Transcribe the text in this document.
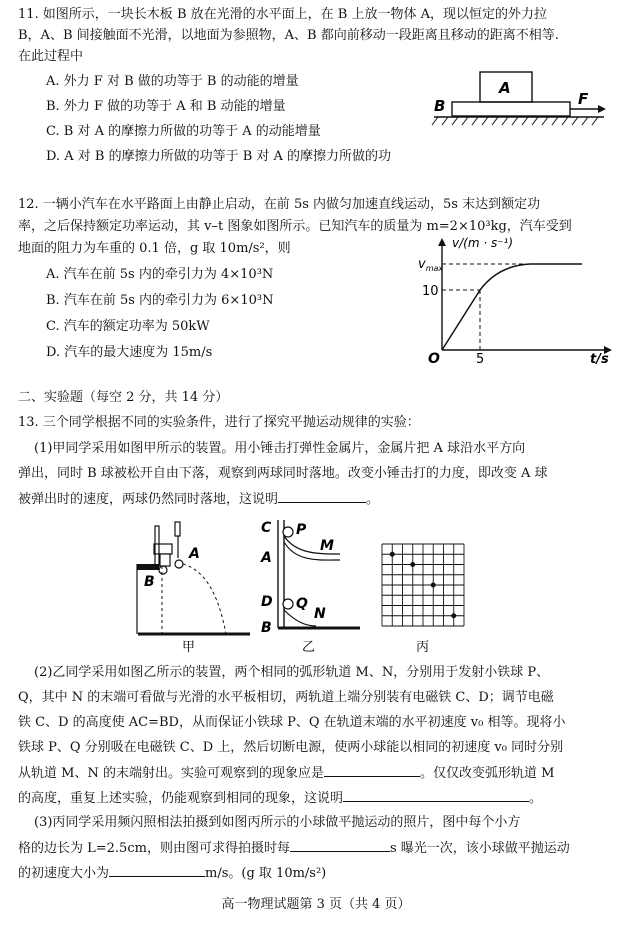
11. 如图所示，一块长木板 B 放在光滑的水平面上，在 B 上放一物体 A，现以恒定的外力拉
B，A、B 间接触面不光滑，以地面为参照物，A、B 都向前移动一段距离且移动的距离不相等.
在此过程中
A. 外力 F 对 B 做的功等于 B 的动能的增量
B. 外力 F 做的功等于 A 和 B 动能的增量
C. B 对 A 的摩擦力所做的功等于 A 的动能增量
D. A 对 B 的摩擦力所做的功等于 B 对 A 的摩擦力所做的功
A
B	F
12. 一辆小汽车在水平路面上由静止启动，在前 5s 内做匀加速直线运动，5s 末达到额定功
率，之后保持额定功率运动，其 v–t 图象如图所示。已知汽车的质量为 m=2×10³kg，汽车受到
地面的阻力为车重的 0.1 倍，g 取 10m/s²，则
A. 汽车在前 5s 内的牵引力为 4×10³N
B. 汽车在前 5s 内的牵引力为 6×10³N
C. 汽车的额定功率为 50kW
D. 汽车的最大速度为 15m/s
v/(m · s⁻¹)
$v_{max}$
10
5
O	t/s
二、实验题（每空 2 分，共 14 分）
13. 三个同学根据不同的实验条件，进行了探究平抛运动规律的实验：
(1)甲同学采用如图甲所示的装置。用小锤击打弹性金属片，金属片把 A 球沿水平方向
弹出，同时 B 球被松开自由下落，观察到两球同时落地。改变小锤击打的力度，即改变 A 球
被弹出时的速度，两球仍然同时落地，这说明	。
A
B
甲
C P
M
A
D Q
N
B
乙	丙
(2)乙同学采用如图乙所示的装置，两个相同的弧形轨道 M、N，分别用于发射小铁球 P、
Q，其中 N 的末端可看做与光滑的水平板相切，两轨道上端分别装有电磁铁 C、D；调节电磁
铁 C、D 的高度使 AC=BD，从而保证小铁球 P、Q 在轨道末端的水平初速度 v₀ 相等。现将小
铁球 P、Q 分别吸在电磁铁 C、D 上，然后切断电源，使两小球能以相同的初速度 v₀ 同时分别
从轨道 M、N 的末端射出。实验可观察到的现象应是	。仅仅改变弧形轨道 M
的高度，重复上述实验，仍能观察到相同的现象，这说明	。
(3)丙同学采用频闪照相法拍摄到如图丙所示的小球做平抛运动的照片，图中每个小方
格的边长为 L=2.5cm，则由图可求得拍摄时每	s 曝光一次，该小球做平抛运动
的初速度大小为	m/s。(g 取 10m/s²)
高一物理试题第 3 页（共 4 页）
